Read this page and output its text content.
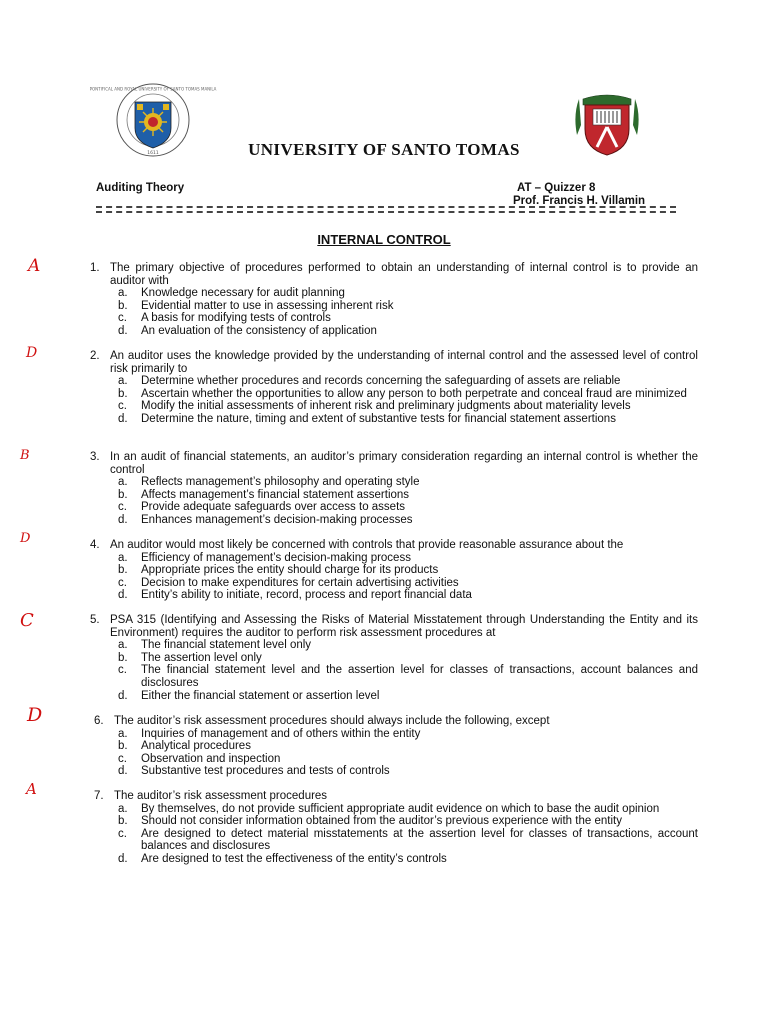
PONTIFICAL AND ROYAL UNIVERSITY OF SANTO TOMAS MANILA
1611	UNIVERSITY OF SANTO TOMAS
Auditing Theory	AT – Quizzer 8
Prof. Francis H. Villamin
INTERNAL CONTROL
A
D
B
D
C
D
A
1. The primary objective of procedures performed to obtain an understanding of internal control is to provide an auditor with
a.	Knowledge necessary for audit planning
b.	Evidential matter to use in assessing inherent risk
c.	A basis for modifying tests of controls
d.	An evaluation of the consistency of application
2. An auditor uses the knowledge provided by the understanding of internal control and the assessed level of control risk primarily to
a.	Determine whether procedures and records concerning the safeguarding of assets are reliable
b.	Ascertain whether the opportunities to allow any person to both perpetrate and conceal fraud are minimized
c.	Modify the initial assessments of inherent risk and preliminary judgments about materiality levels
d.	Determine the nature, timing and extent of substantive tests for financial statement assertions
3. In an audit of financial statements, an auditor’s primary consideration regarding an internal control is whether the control
a.	Reflects management’s philosophy and operating style
b.	Affects management’s financial statement assertions
c.	Provide adequate safeguards over access to assets
d.	Enhances management’s decision-making processes
4. An auditor would most likely be concerned with controls that provide reasonable assurance about the
a.	Efficiency of management’s decision-making process
b.	Appropriate prices the entity should charge for its products
c.	Decision to make expenditures for certain advertising activities
d.	Entity’s ability to initiate, record, process and report financial data
5. PSA 315 (Identifying and Assessing the Risks of Material Misstatement through Understanding the Entity and its Environment) requires the auditor to perform risk assessment procedures at
a.	The financial statement level only
b.	The assertion level only
c.	The financial statement level and the assertion level for classes of transactions, account balances and disclosures
d.	Either the financial statement or assertion level
6. The auditor’s risk assessment procedures should always include the following, except
a.	Inquiries of management and of others within the entity
b.	Analytical procedures
c.	Observation and inspection
d.	Substantive test procedures and tests of controls
7. The auditor’s risk assessment procedures
a.	By themselves, do not provide sufficient appropriate audit evidence on which to base the audit opinion
b.	Should not consider information obtained from the auditor’s previous experience with the entity
c.	Are designed to detect material misstatements at the assertion level for classes of transactions, account balances and disclosures
d.	Are designed to test the effectiveness of the entity’s controls
